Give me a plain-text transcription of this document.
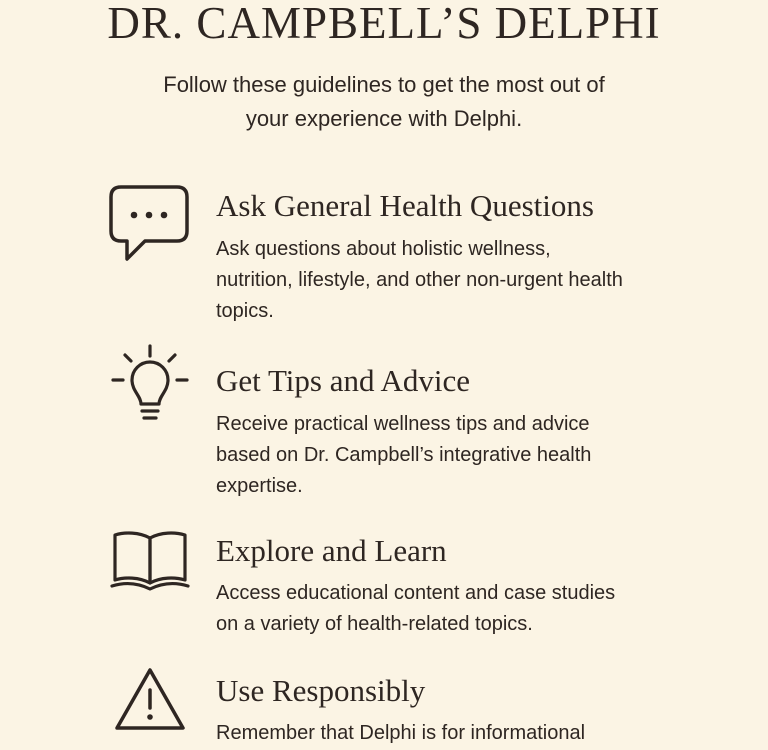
DR. CAMPBELL’S DELPHI
Follow these guidelines to get the most out of
your experience with Delphi.
Ask General Health Questions
Ask questions about holistic wellness,
nutrition, lifestyle, and other non-urgent health
topics.
Get Tips and Advice
Receive practical wellness tips and advice
based on Dr. Campbell’s integrative health
expertise.
Explore and Learn
Access educational content and case studies
on a variety of health-related topics.
Use Responsibly
Remember that Delphi is for informational
